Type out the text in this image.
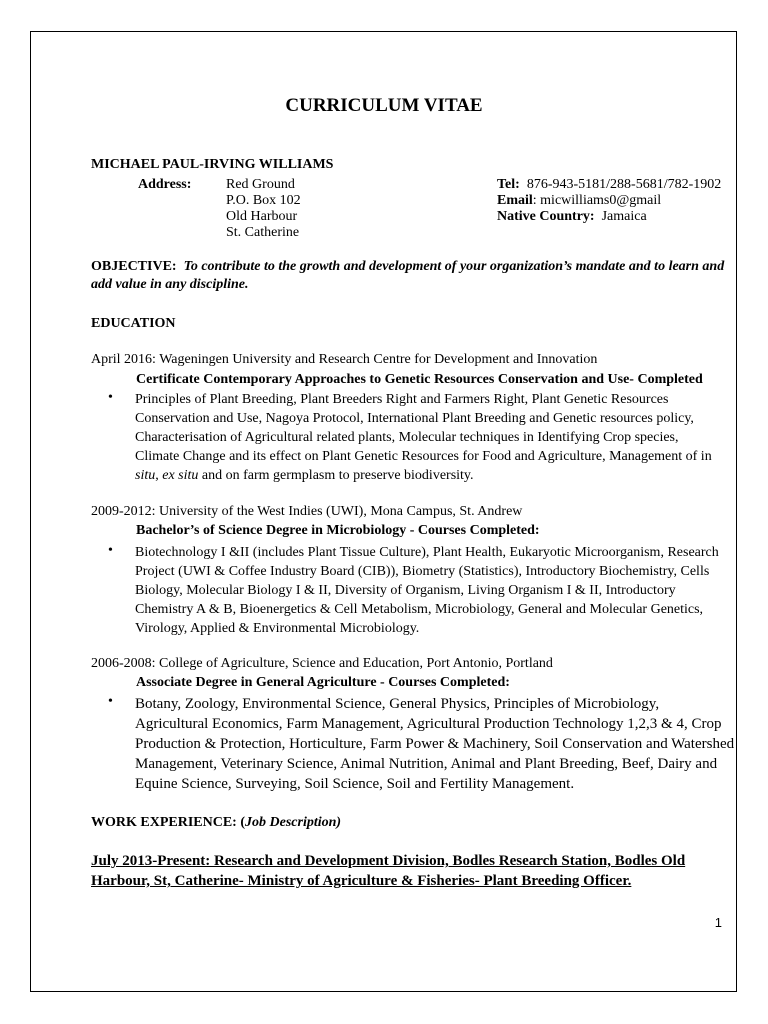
CURRICULUM VITAE
MICHAEL PAUL-IRVING WILLIAMS
Address: Red Ground
P.O. Box 102
Old Harbour
St. Catherine
Tel: 876-943-5181/288-5681/782-1902
Email: micwilliams0@gmail
Native Country: Jamaica
OBJECTIVE: To contribute to the growth and development of your organization’s mandate and to learn and
add value in any discipline.
EDUCATION
April 2016: Wageningen University and Research Centre for Development and Innovation
Certificate Contemporary Approaches to Genetic Resources Conservation and Use- Completed
• Principles of Plant Breeding, Plant Breeders Right and Farmers Right, Plant Genetic Resources Conservation and Use, Nagoya Protocol, International Plant Breeding and Genetic resources policy, Characterisation of Agricultural related plants, Molecular techniques in Identifying Crop species, Climate Change and its effect on Plant Genetic Resources for Food and Agriculture, Management of in situ, ex situ and on farm germplasm to preserve biodiversity.
2009-2012: University of the West Indies (UWI), Mona Campus, St. Andrew
Bachelor’s of Science Degree in Microbiology - Courses Completed:
• Biotechnology I &II (includes Plant Tissue Culture), Plant Health, Eukaryotic Microorganism, Research Project (UWI & Coffee Industry Board (CIB)), Biometry (Statistics), Introductory Biochemistry, Cells Biology, Molecular Biology I & II, Diversity of Organism, Living Organism I & II, Introductory Chemistry A & B, Bioenergetics & Cell Metabolism, Microbiology, General and Molecular Genetics, Virology, Applied & Environmental Microbiology.
2006-2008: College of Agriculture, Science and Education, Port Antonio, Portland
Associate Degree in General Agriculture - Courses Completed:
• Botany, Zoology, Environmental Science, General Physics, Principles of Microbiology, Agricultural Economics, Farm Management, Agricultural Production Technology 1,2,3 & 4, Crop Production & Protection, Horticulture, Farm Power & Machinery, Soil Conservation and Watershed Management, Veterinary Science, Animal Nutrition, Animal and Plant Breeding, Beef, Dairy and Equine Science, Surveying, Soil Science, Soil and Fertility Management.
WORK EXPERIENCE: (Job Description)
July 2013-Present: Research and Development Division, Bodles Research Station, Bodles Old
Harbour, St, Catherine- Ministry of Agriculture & Fisheries- Plant Breeding Officer.
1
